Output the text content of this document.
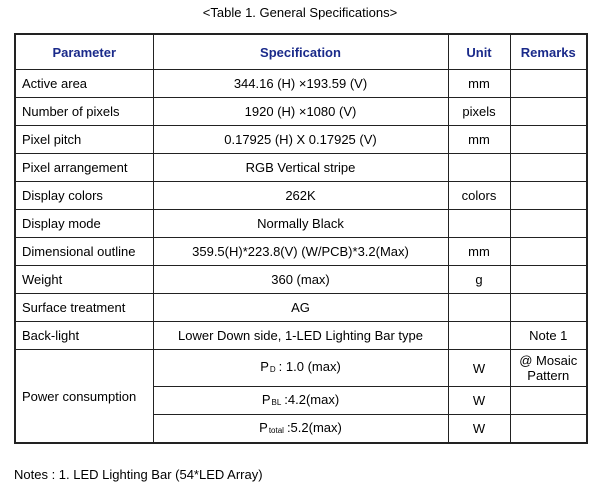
<Table 1. General Specifications>
Parameter	Specification	Unit	Remarks
Active area	344.16 (H) ×193.59 (V)	mm	
Number of pixels	1920 (H) ×1080 (V)	pixels	
Pixel pitch	0.17925 (H) X 0.17925 (V)	mm	
Pixel arrangement	RGB Vertical stripe		
Display colors	262K	colors	
Display mode	Normally Black		
Dimensional outline	359.5(H)*223.8(V) (W/PCB)*3.2(Max)	mm	
Weight	360 (max)	g	
Surface treatment	AG		
Back-light	Lower Down side, 1-LED Lighting Bar type		Note 1
Power consumption	PD : 1.0 (max)	W	@ Mosaic Pattern
	PBL :4.2(max)	W	
	Ptotal :5.2(max)	W	
Notes : 1. LED Lighting Bar (54*LED Array)
